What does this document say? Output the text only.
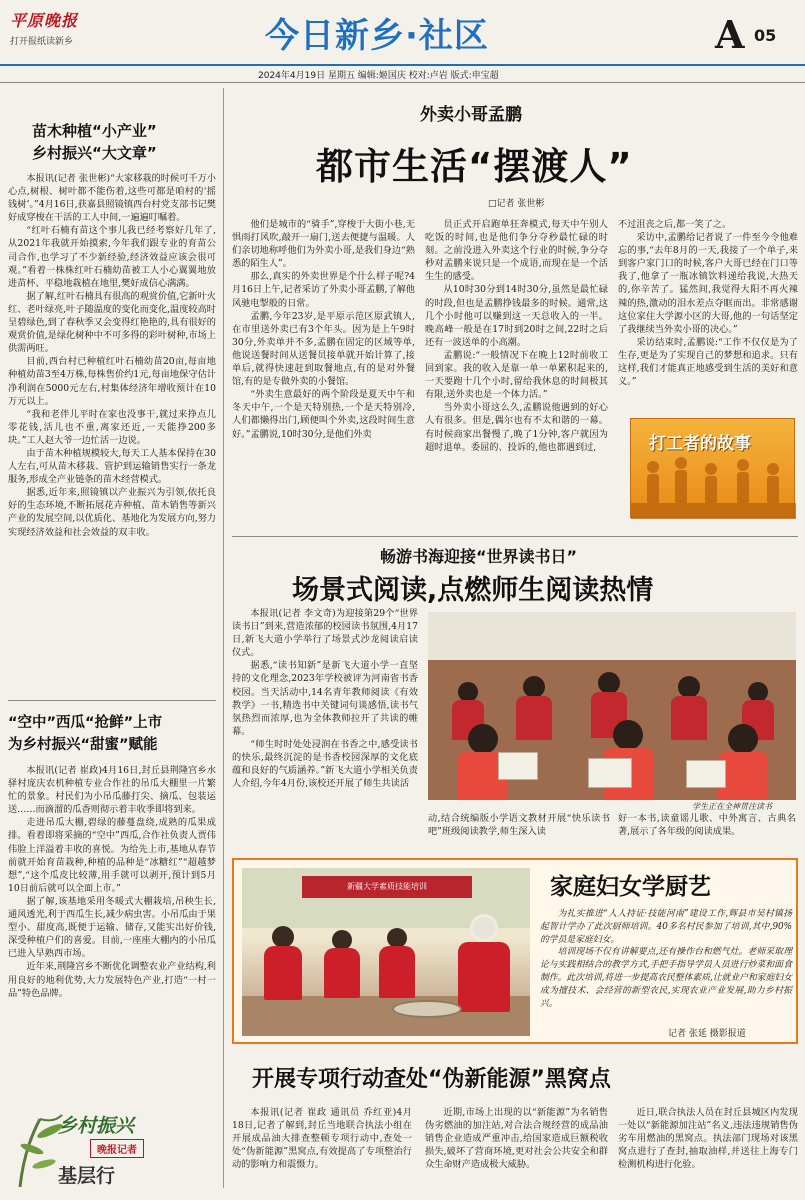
平原晚报
打开报纸读新乡	今日新乡·社区	A 05
2024年4月19日 星期五 编辑:姬国庆 校对:卢岩 版式:申宝超
苗木种植“小产业”
乡村振兴“大文章”

本报讯(记者 张世彬)“大家移栽的时候可千万小心点,树根、树叶都不能伤着,这些可都是咱村的‘摇钱树’。”4月16日,获嘉县照镜镇西台村党支部书记樊好成穿梭在干活的工人中间,一遍遍叮嘱着。

“红叶石楠有苗这个事儿我已经考察好几年了,从2021年我就开始摸索,今年我们跟专业的育苗公司合作,也学习了不少新经验,经济效益应该会很可观。”看着一株株红叶石楠幼苗被工人小心翼翼地放进苗杯、平稳地栽植在地里,樊好成信心满满。

据了解,红叶石楠具有很高的观赏价值,它新叶火红、老叶绿亮,叶子随温度的变化而变化,温度较高时呈碧绿色,到了春秋季又会变得红艳艳的,具有很好的观赏价值,是绿化树种中不可多得的彩叶树种,市场上供需两旺。

目前,西台村已种植红叶石楠幼苗20亩,每亩地种植幼苗3至4万株,每株售价约1元,每亩地保守估计净利润在5000元左右,村集体经济年增收预计在10万元以上。

“我和老伴儿平时在家也没事干,就过来挣点儿零花钱,活儿也不重,离家还近,一天能挣200多块。”工人赵大爷一边忙活一边说。

由于苗木种植规模较大,每天工人基本保持在30人左右,可从苗木移栽、管护到运输销售实行一条龙服务,形成全产业链条的苗木经营模式。

据悉,近年来,照镜镇以产业振兴为引领,依托良好的生态环境,不断拓展花卉种植、苗木销售等新兴产业的发展空间,以优质化、基地化为发展方向,努力实现经济效益和社会效益的双丰收。

“空中”西瓜“抢鲜”上市
为乡村振兴“甜蜜”赋能

本报讯(记者 崔政)4月16日,封丘县荆隆宫乡水驿村庞庆农机种植专业合作社的吊瓜大棚里一片繁忙的景象。村民们为小吊瓜藤打尖、摘瓜、包装运送……而滴溜的瓜香则彻示着丰收季即将到来。

走进吊瓜大棚,碧绿的藤蔓盘绕,成熟的瓜果成排。看着即将采摘的“空中”西瓜,合作社负责人贾伟伟脸上洋溢着丰收的喜悦。为给先上市,基地从春节前就开始育苗栽种,种植的品种是“冰糖红”“超越梦想”,“这个瓜皮比较薄,用手就可以剥开,预计到5月10日前后就可以全面上市。”

据了解,该基地采用冬暖式大棚栽培,吊秧生长,通风透光,利于西瓜生长,减少病虫害。小吊瓜由于果型小、甜度高,既便于运输、储存,又能实出好价钱,深受种植户们的喜爱。目前,一座座大棚内的小吊瓜已进入早熟西市场。

近年来,荆隆宫乡不断优化调整农业产业结构,利用良好的地利优势,大力发展特色产业,打造“一村一品”特色品牌。

乡村振兴
晚报记者
基层行
外卖小哥孟鹏
都市生活“摆渡人”
□记者 张世彬

他们是城市的“骑手”,穿梭于大街小巷,无惧雨打风吹,敲开一扇门,送去便捷与温暖。人们亲切地称呼他们为外卖小哥,是我们身边“熟悉的陌生人”。

那么,真实的外卖世界是个什么样子呢?4月16日上午,记者采访了外卖小哥孟鹏,了解他风驰电掣般的日常。

孟鹏,今年23岁,是平原示范区原武镇人,在市里送外卖已有3个年头。因为是上午9时30分,外卖单并不多,孟鹏在固定的区域等单,他说送餐时间从送餐员接单就开始计算了,接单后,就得快速赶到取餐地点,有的是对外餐馆,有的是专做外卖的小餐馆。

“外卖生意最好的两个阶段是夏天中午和冬天中午,一个是天特别热,一个是天特别冷,人们都懒得出门,顾便叫个外卖,这段时间生意好。”孟鹏说,10时30分,是他们外卖

员正式开启跑单狂奔模式,每天中午别人吃饭的时间,也是他们争分夺秒最忙碌的时刻。之前没进入外卖这个行业的时候,争分夺秒对孟鹏来说只是一个成语,而现在是一个活生生的感受。

从10时30分到14时30分,虽然是最忙碌的时段,但也是孟鹏挣钱最多的时候。通常,这几个小时他可以赚到这一天总收入的一半。晚高峰一般是在17时到20时之间,22时之后还有一波送单的小高潮。

孟鹏说:“一般情况下在晚上12时前收工回到家。我的收入是靠一单一单累积起来的,一天要跑十几个小时,留给我休息的时间极其有限,送外卖也是一个体力活。”

当外卖小哥这么久,孟鹏说他遇到的好心人有很多。但是,偶尔也有不太和谐的一幕。有时候商家出餐慢了,晚了1分钟,客户就因为超时退单。委屈的、投诉的,他也都遇到过,

不过沮丧之后,都一笑了之。

采访中,孟鹏给记者说了一件至今令他难忘的事,“去年8月的一天,我接了一个单子,来到客户家门口的时候,客户大哥已经在门口等我了,他拿了一瓶冰镇饮料递给我说,大热天的,你辛苦了。猛然间,我觉得大阳不再火辣辣的热,激动的泪水差点夺眶而出。非常感谢这位家住大学源小区的大哥,他的一句话坚定了我继续当外卖小哥的决心。”

采访结束时,孟鹏说:“工作不仅仅是为了生存,更是为了实现自己的梦想和追求。只有这样,我们才能真正地感受到生活的美好和意义。”

打工者的故事
畅游书海迎接“世界读书日”
场景式阅读,点燃师生阅读热情

本报讯(记者 李文奇)为迎接第29个“世界读书日”到来,营造浓郁的校园读书氛围,4月17日,新飞大道小学举行了场景式沙龙阅读启读仪式。

据悉,“读书知新”是新飞大道小学一直坚持的文化理念,2023年学校被评为河南省书香校园。当天活动中,14名青年教师阅读《有效教学》一书,精选书中关键词句谈感悟,读书气氛热烈而浓厚,也为全体教师拉开了共读的帷幕。

“师生时时处处浸润在书香之中,感受读书的快乐,最终沉淀的是书香校园深厚的文化底蕴和良好的气质涵养。”新飞大道小学相关负责人介绍,今年4月份,该校还开展了师生共读活

学生正在全神贯注读书

动,结合统编版小学语文教材开展“快乐读书吧”班级阅读教学,师生深入读

好一本书,读童谣儿歌、中外寓言、古典名著,展示了各年级的阅读成果。

新疆大学素质技能培训	家庭妇女学厨艺

为扎实推进“人人持证·技能河南”建设工作,辉县市吴村镇扬起智计学办了此次厨师培训。40多名村民参加了培训,其中,90%的学员是家庭妇女。

培训现场不仅有讲解要点,还有操作台和燃气灶。老师采取理论与实践相结合的教学方式,手把手指导学员人员进行炒菜和面食制作。此次培训,将进一步提高农民整体素质,让就业户和家庭妇女成为擅技术、会经营的新型农民,实现农业产业发展,助力乡村振兴。

记者 张延 摄影报道
开展专项行动查处“伪新能源”黑窝点

本报讯(记者 崔政 通讯员 乔红亚)4月18日,记者了解到,封丘当地联合执法小组在开展成品油大排查整顿专项行动中,查处一处“伪新能源”黑窝点,有效提高了专项整治行动的影响力和震慑力。

近期,市场上出现的以“新能源”为名销售伪劣燃油的加注站,对合法合规经营的成品油销售企业造成严重冲击,给国家造成巨额税收损失,破坏了营商环境,更对社会公共安全和群众生命财产造成极大威胁。

近日,联合执法人员在封丘县城区内发现一处以“新能源加注站”名义,违法违规销售伪劣车用燃油的黑窝点。执法部门现场对该黑窝点进行了查封,抽取油样,并送往上海专门检测机构进行化验。
